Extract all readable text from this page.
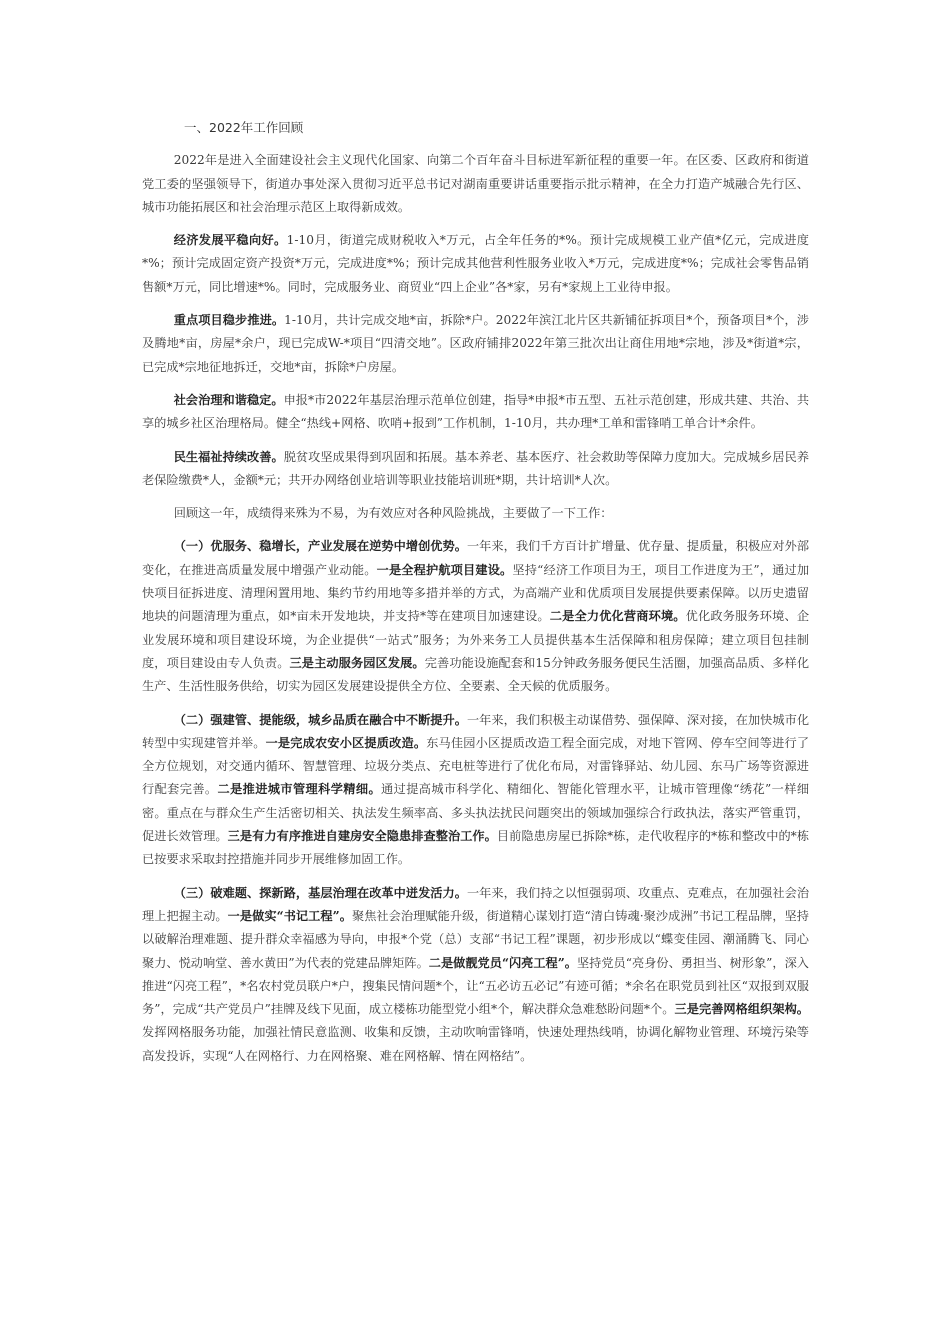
一、2022年工作回顾

2022年是进入全面建设社会主义现代化国家、向第二个百年奋斗目标进军新征程的重要一年。在区委、区政府和街道党工委的坚强领导下，街道办事处深入贯彻习近平总书记对湖南重要讲话重要指示批示精神，在全力打造产城融合先行区、城市功能拓展区和社会治理示范区上取得新成效。

经济发展平稳向好。1-10月，街道完成财税收入*万元，占全年任务的*%。预计完成规模工业产值*亿元，完成进度*%；预计完成固定资产投资*万元，完成进度*%；预计完成其他营利性服务业收入*万元，完成进度*%；完成社会零售品销售额*万元，同比增速*%。同时，完成服务业、商贸业“四上企业”各*家，另有*家规上工业待申报。

重点项目稳步推进。1-10月，共计完成交地*亩，拆除*户。2022年滨江北片区共新铺征拆项目*个，预备项目*个，涉及腾地*亩，房屋*余户，现已完成W-*项目“四清交地”。区政府铺排2022年第三批次出让商住用地*宗地，涉及*街道*宗，已完成*宗地征地拆迁，交地*亩，拆除*户房屋。

社会治理和谐稳定。申报*市2022年基层治理示范单位创建，指导*申报*市五型、五社示范创建，形成共建、共治、共享的城乡社区治理格局。健全“热线+网格、吹哨+报到”工作机制，1-10月，共办理*工单和雷锋哨工单合计*余件。

民生福祉持续改善。脱贫攻坚成果得到巩固和拓展。基本养老、基本医疗、社会救助等保障力度加大。完成城乡居民养老保险缴费*人，金额*元；共开办网络创业培训等职业技能培训班*期，共计培训*人次。

回顾这一年，成绩得来殊为不易，为有效应对各种风险挑战，主要做了一下工作：

（一）优服务、稳增长，产业发展在逆势中增创优势。一年来，我们千方百计扩增量、优存量、提质量，积极应对外部变化，在推进高质量发展中增强产业动能。一是全程护航项目建设。坚持“经济工作项目为王，项目工作进度为王”，通过加快项目征拆进度、清理闲置用地、集约节约用地等多措并举的方式，为高端产业和优质项目发展提供要素保障。以历史遗留地块的问题清理为重点，如*亩未开发地块，并支持*等在建项目加速建设。二是全力优化营商环境。优化政务服务环境、企业发展环境和项目建设环境，为企业提供“一站式”服务；为外来务工人员提供基本生活保障和租房保障；建立项目包挂制度，项目建设由专人负责。三是主动服务园区发展。完善功能设施配套和15分钟政务服务便民生活圈，加强高品质、多样化生产、生活性服务供给，切实为园区发展建设提供全方位、全要素、全天候的优质服务。

（二）强建管、提能级，城乡品质在融合中不断提升。一年来，我们积极主动谋借势、强保障、深对接，在加快城市化转型中实现建管并举。一是完成农安小区提质改造。东马佳园小区提质改造工程全面完成，对地下管网、停车空间等进行了全方位规划，对交通内循环、智慧管理、垃圾分类点、充电桩等进行了优化布局，对雷锋驿站、幼儿园、东马广场等资源进行配套完善。二是推进城市管理科学精细。通过提高城市科学化、精细化、智能化管理水平，让城市管理像“绣花”一样细密。重点在与群众生产生活密切相关、执法发生频率高、多头执法扰民问题突出的领域加强综合行政执法，落实严管重罚，促进长效管理。三是有力有序推进自建房安全隐患排查整治工作。目前隐患房屋已拆除*栋，走代收程序的*栋和整改中的*栋已按要求采取封控措施并同步开展维修加固工作。

（三）破难题、探新路，基层治理在改革中迸发活力。一年来，我们持之以恒强弱项、攻重点、克难点，在加强社会治理上把握主动。一是做实“书记工程”。聚焦社会治理赋能升级，街道精心谋划打造“清白铸魂·聚沙成洲”书记工程品牌，坚持以破解治理难题、提升群众幸福感为导向，申报*个党（总）支部“书记工程”课题，初步形成以“蝶变佳园、潮涌腾飞、同心聚力、悦动响堂、善水黄田”为代表的党建品牌矩阵。二是做靓党员“闪亮工程”。坚持党员“亮身份、勇担当、树形象”，深入推进“闪亮工程”，*名农村党员联户*户，搜集民情问题*个，让“五必访五必记”有迹可循；*余名在职党员到社区“双报到双服务”，完成“共产党员户”挂牌及线下见面，成立楼栋功能型党小组*个，解决群众急难愁盼问题*个。三是完善网格组织架构。发挥网格服务功能，加强社情民意监测、收集和反馈，主动吹响雷锋哨，快速处理热线哨，协调化解物业管理、环境污染等高发投诉，实现“人在网格行、力在网格聚、难在网格解、情在网格结”。
